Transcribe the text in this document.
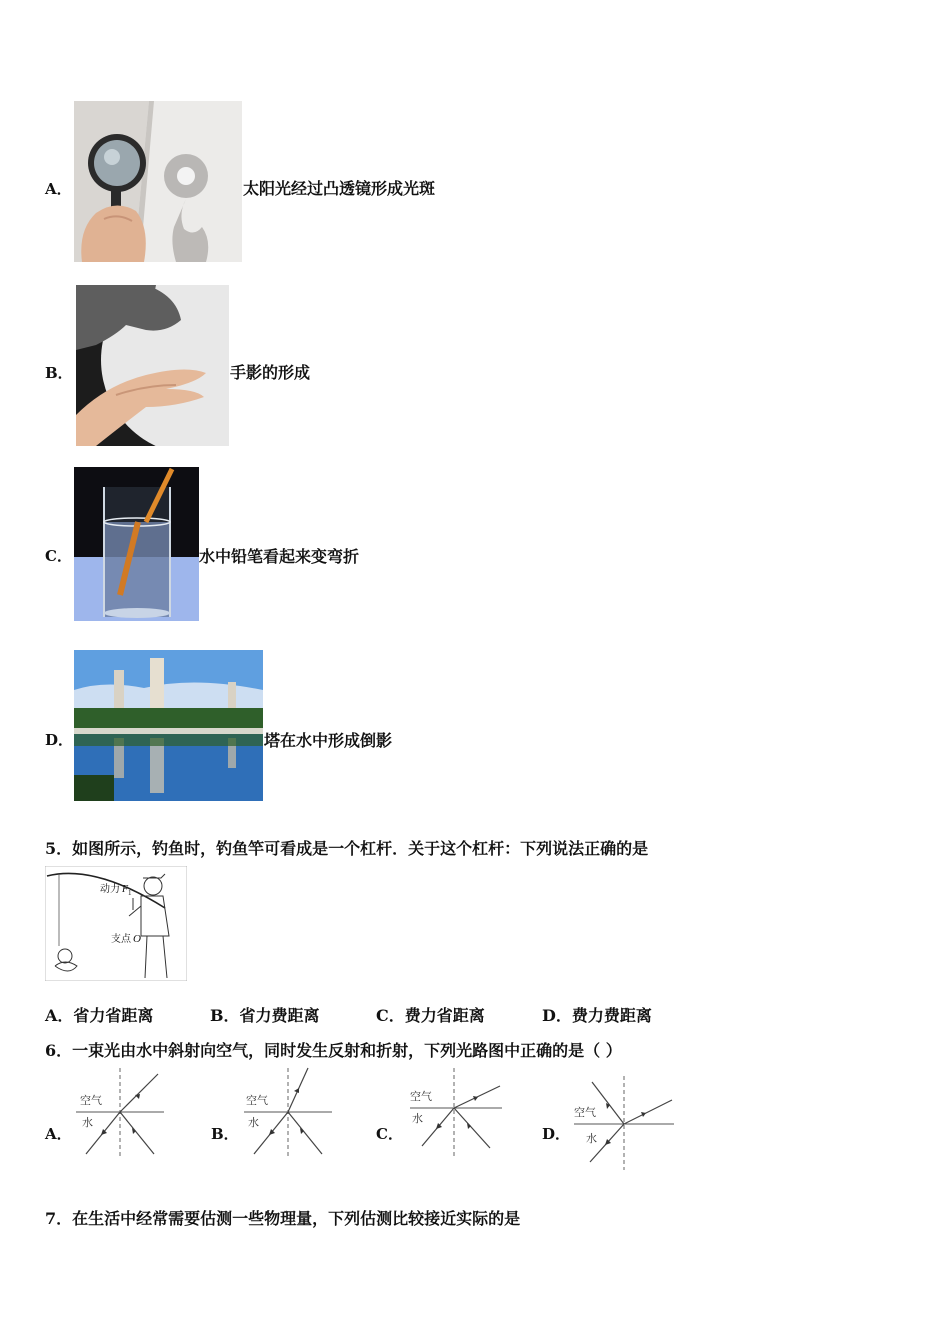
A．	太阳光经过凸透镜形成光斑
B．	手影的形成
C．	水中铅笔看起来变弯折
D．	塔在水中形成倒影
5．如图所示，钓鱼时，钓鱼竿可看成是一个杠杆．关于这个杠杆：下列说法正确的是
动力 F 1
支点 O
A．省力省距离	B．省力费距离	C．费力省距离	D．费力费距离
6．一束光由水中斜射向空气，同时发生反射和折射，下列光路图中正确的是（ ）
A．
空气
水
B．
空气
水
C．
空气
水
D．
空气
水
7．在生活中经常需要估测一些物理量，下列估测比较接近实际的是
